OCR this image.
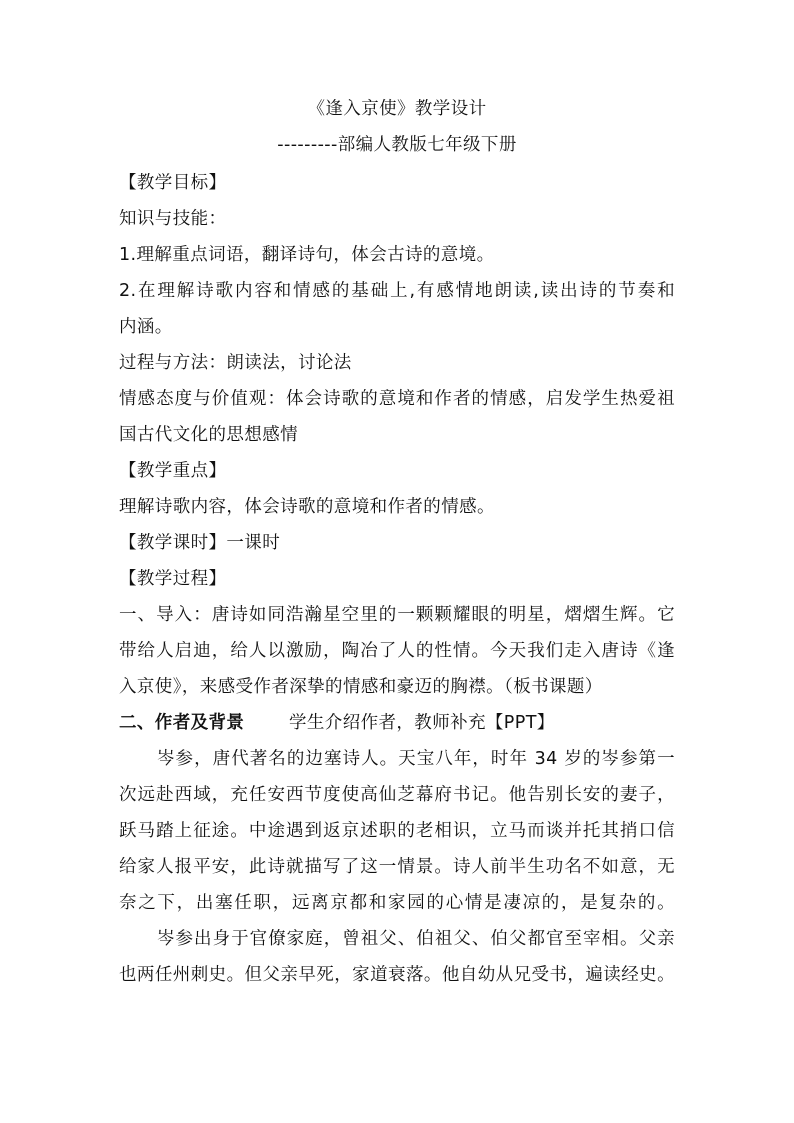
《逢入京使》教学设计
---------部编人教版七年级下册
【教学目标】
知识与技能：
1.理解重点词语，翻译诗句，体会古诗的意境。
2.在理解诗歌内容和情感的基础上,有感情地朗读,读出诗的节奏和
内涵。
过程与方法：朗读法，讨论法
情感态度与价值观：体会诗歌的意境和作者的情感，启发学生热爱祖
国古代文化的思想感情
【教学重点】
理解诗歌内容，体会诗歌的意境和作者的情感。
【教学课时】一课时
【教学过程】
一、导入：唐诗如同浩瀚星空里的一颗颗耀眼的明星，熠熠生辉。它
带给人启迪，给人以激励，陶冶了人的性情。今天我们走入唐诗《逢
入京使》，来感受作者深挚的情感和豪迈的胸襟。（板书课题）
二、作者及背景	学生介绍作者，教师补充【PPT】
岑参，唐代著名的边塞诗人。天宝八年，时年 34 岁的岑参第一
次远赴西域，充任安西节度使高仙芝幕府书记。他告别长安的妻子，
跃马踏上征途。中途遇到返京述职的老相识，立马而谈并托其捎口信
给家人报平安，此诗就描写了这一情景。诗人前半生功名不如意，无
奈之下，出塞任职，远离京都和家园的心情是凄凉的，是复杂的。
岑参出身于官僚家庭，曾祖父、伯祖父、伯父都官至宰相。父亲
也两任州刺史。但父亲早死，家道衰落。他自幼从兄受书，遍读经史。
